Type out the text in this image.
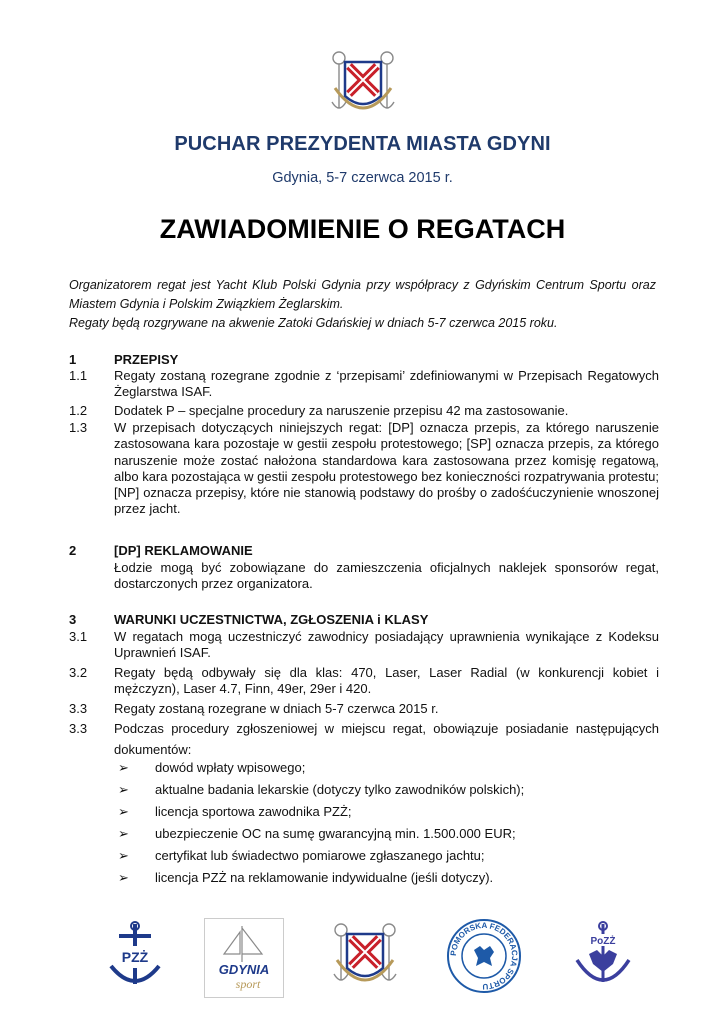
PUCHAR PREZYDENTA MIASTA GDYNI
Gdynia, 5-7 czerwca 2015 r.
ZAWIADOMIENIE O REGATACH
Organizatorem regat jest Yacht Klub Polski Gdynia przy współpracy z Gdyńskim Centrum Sportu oraz Miastem Gdynia i Polskim Związkiem Żeglarskim.
Regaty będą rozgrywane na akwenie Zatoki Gdańskiej w dniach 5-7 czerwca 2015 roku.
1	PRZEPISY
1.1	Regaty zostaną rozegrane zgodnie z ‘przepisami’ zdefiniowanymi w Przepisach Regatowych Żeglarstwa ISAF.
1.2	Dodatek P – specjalne procedury za naruszenie przepisu 42 ma zastosowanie.
1.3	W przepisach dotyczących niniejszych regat: [DP] oznacza przepis, za którego naruszenie zastosowana kara pozostaje w gestii zespołu protestowego; [SP] oznacza przepis, za którego naruszenie może zostać nałożona standardowa kara zastosowana przez komisję regatową, albo kara pozostająca w gestii zespołu protestowego bez konieczności rozpatrywania protestu; [NP] oznacza przepisy, które nie stanowią podstawy do prośby o zadośćuczynienie wnoszonej przez jacht.
2	[DP] REKLAMOWANIE
Łodzie mogą być zobowiązane do zamieszczenia oficjalnych naklejek sponsorów regat, dostarczonych przez organizatora.
3	WARUNKI UCZESTNICTWA, ZGŁOSZENIA i KLASY
3.1	W regatach mogą uczestniczyć zawodnicy posiadający uprawnienia wynikające z Kodeksu Uprawnień ISAF.
3.2	Regaty będą odbywały się dla klas: 470, Laser, Laser Radial (w konkurencji kobiet i mężczyzn), Laser 4.7, Finn, 49er, 29er i 420.
3.3	Regaty zostaną rozegrane w dniach 5-7 czerwca 2015 r.
3.3	Podczas procedury zgłoszeniowej w miejscu regat, obowiązuje posiadanie następujących dokumentów:
➢ dowód wpłaty wpisowego;
➢ aktualne badania lekarskie (dotyczy tylko zawodników polskich);
➢ licencja sportowa zawodnika PZŻ;
➢ ubezpieczenie OC na sumę gwarancyjną min. 1.500.000 EUR;
➢ certyfikat lub świadectwo pomiarowe zgłaszanego jachtu;
➢ licencja PZŻ na reklamowanie indywidualne (jeśli dotyczy).
PZŻ
GDYNIA
sport
POMORSKA FEDERACJA SPORTU
PoZŻ
